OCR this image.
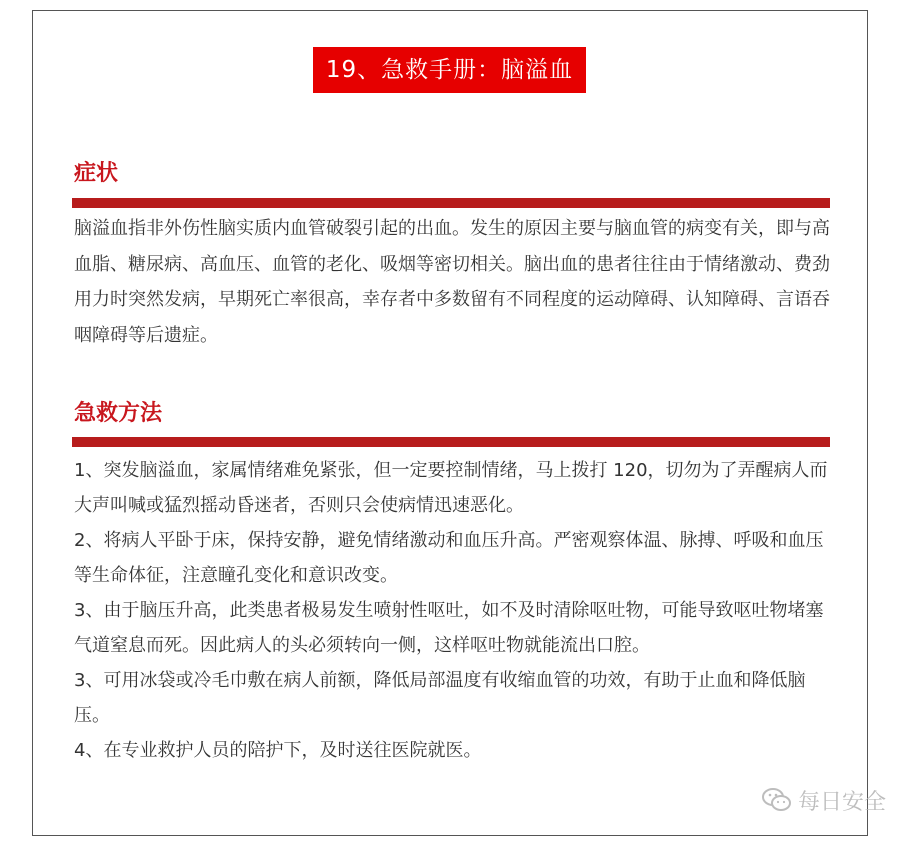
19、急救手册：脑溢血
症状
脑溢血指非外伤性脑实质内血管破裂引起的出血。发生的原因主要与脑血管的病变有关，即与高血脂、糖尿病、高血压、血管的老化、吸烟等密切相关。脑出血的患者往往由于情绪激动、费劲用力时突然发病，早期死亡率很高，幸存者中多数留有不同程度的运动障碍、认知障碍、言语吞咽障碍等后遗症。
急救方法
1、突发脑溢血，家属情绪难免紧张，但一定要控制情绪，马上拨打 120，切勿为了弄醒病人而大声叫喊或猛烈摇动昏迷者，否则只会使病情迅速恶化。
2、将病人平卧于床，保持安静，避免情绪激动和血压升高。严密观察体温、脉搏、呼吸和血压等生命体征，注意瞳孔变化和意识改变。
3、由于脑压升高，此类患者极易发生喷射性呕吐，如不及时清除呕吐物，可能导致呕吐物堵塞气道窒息而死。因此病人的头必须转向一侧，这样呕吐物就能流出口腔。
3、可用冰袋或冷毛巾敷在病人前额，降低局部温度有收缩血管的功效，有助于止血和降低脑压。
4、在专业救护人员的陪护下，及时送往医院就医。
每日安全
